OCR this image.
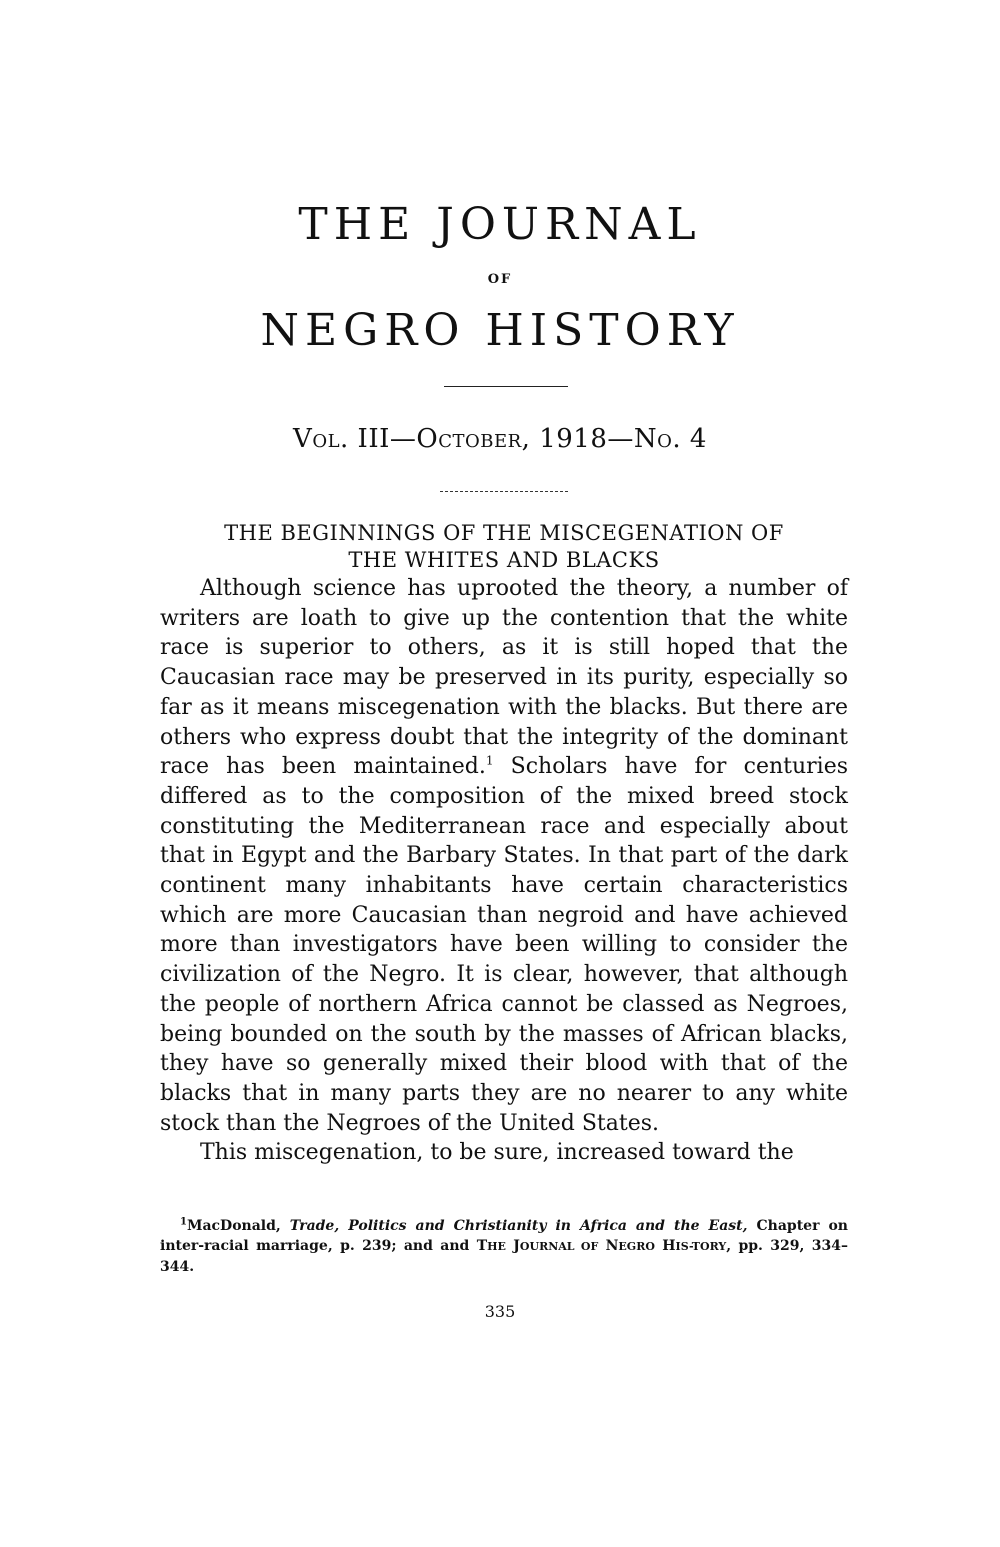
THE JOURNAL
OF
NEGRO HISTORY
VOL. III—OCTOBER, 1918—NO. 4
THE BEGINNINGS OF THE MISCEGENATION OF
THE WHITES AND BLACKS

Although science has uprooted the theory, a number of writers are loath to give up the contention that the white race is superior to others, as it is still hoped that the Caucasian race may be preserved in its purity, especially so far as it means miscegenation with the blacks. But there are others who express doubt that the integrity of the dominant race has been maintained.$^1$ Scholars have for centuries differed as to the composition of the mixed breed stock constituting the Mediterranean race and especially about that in Egypt and the Barbary States. In that part of the dark continent many inhabitants have certain characteristics which are more Caucasian than negroid and have achieved more than investigators have been willing to consider the civilization of the Negro. It is clear, however, that although the people of northern Africa cannot be classed as Negroes, being bounded on the south by the masses of African blacks, they have so generally mixed their blood with that of the blacks that in many parts they are no nearer to any white stock than the Negroes of the United States.

This miscegenation, to be sure, increased toward the

$^1$MacDonald, Trade, Politics and Christianity in Africa and the East, Chapter on inter-racial marriage, p. 239; and and THE JOURNAL OF NEGRO HIS-TORY, pp. 329, 334–344.

335
